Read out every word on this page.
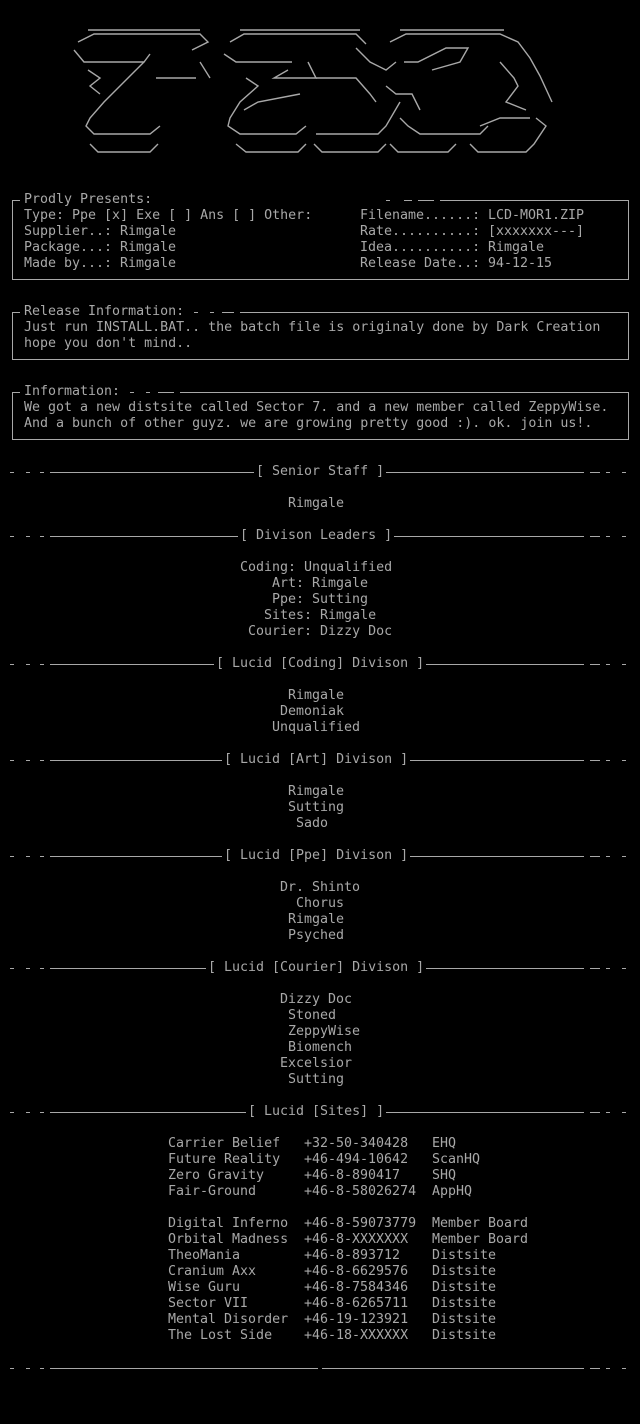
Prodly Presents:

Type: Ppe [x] Exe [ ] Ans [ ] Other:

	Filename......:

LCD-MOR1.ZIP

Supplier..:

Rimgale

	Rate..........:

[xxxxxxx---]

Package...:

Rimgale

	Idea..........:

Rimgale

Made by...:

Rimgale

	Release Date..:

94-12-15

Release Information:

Just run INSTALL.BAT.. the batch file is originaly done by Dark Creation

hope you don't mind..

Information:

We got a new distsite called Sector 7. and a new member called ZeppyWise.

And a bunch of other guyz. we are growing pretty good :). ok. join us!.

[ Senior Staff ]

Rimgale

[ Divison Leaders ]

Coding: Unqualified

Art: Rimgale

Ppe: Sutting

Sites: Rimgale

Courier: Dizzy Doc

[ Lucid [Coding] Divison ]

Rimgale

Demoniak

Unqualified

[ Lucid [Art] Divison ]

Rimgale

Sutting

Sado

[ Lucid [Ppe] Divison ]

Dr. Shinto

Chorus

Rimgale

Psyched

[ Lucid [Courier] Divison ]

Dizzy Doc

Stoned

ZeppyWise

Biomench

Excelsior

Sutting

[ Lucid [Sites] ]

Carrier Belief +32-50-340428 EHQ
Future Reality +46-494-10642 ScanHQ
Zero Gravity	+46-8-890417 SHQ
Fair-Ground	+46-8-58026274 AppHQ
Digital Inferno +46-8-59073779 Member Board
Orbital Madness +46-8-XXXXXXX Member Board
TheoMania	+46-8-893712 Distsite
Cranium Axx	+46-8-6629576 Distsite
Wise Guru	+46-8-7584346 Distsite
Sector VII	+46-8-6265711 Distsite
Mental Disorder +46-19-123921 Distsite
The Lost Side +46-18-XXXXXX Distsite
